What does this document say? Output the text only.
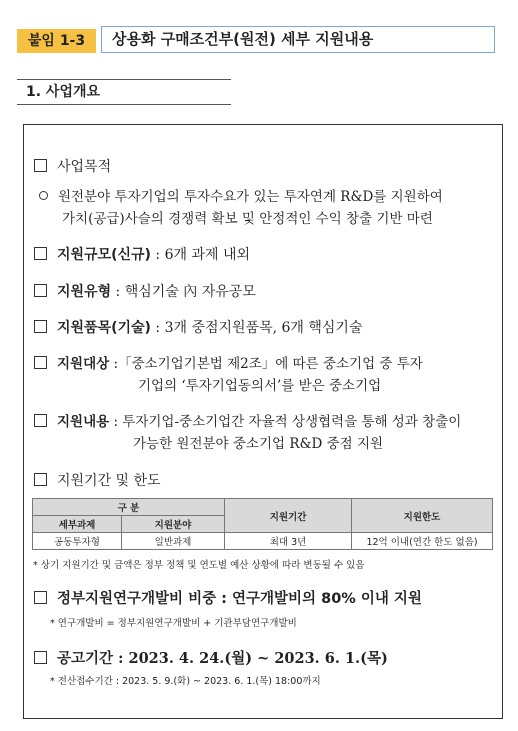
붙임 1-3	상용화 구매조건부(원전) 세부 지원내용
1. 사업개요
사업목적
원전분야 투자기업의 투자수요가 있는 투자연계 R&D를 지원하여
가치(공급)사슬의 경쟁력 확보 및 안정적인 수익 창출 기반 마련
지원규모(신규) : 6개 과제 내외
지원유형 : 핵심기술 內 자유공모
지원품목(기술) : 3개 중점지원품목, 6개 핵심기술
지원대상 :「중소기업기본법 제2조」에 따른 중소기업 중 투자
기업의 ‘투자기업동의서’를 받은 중소기업
지원내용 : 투자기업-중소기업간 자율적 상생협력을 통해 성과 창출이
가능한 원전분야 중소기업 R&D 중점 지원
지원기간 및 한도
구 분		지원기간	지원한도
세부과제	지원분야		
공동투자형	일반과제	최대 3년	12억 이내(연간 한도 없음)
* 상기 지원기간 및 금액은 정부 정책 및 연도별 예산 상황에 따라 변동될 수 있음
정부지원연구개발비 비중 : 연구개발비의 80% 이내 지원
* 연구개발비 = 정부지원연구개발비 + 기관부담연구개발비
공고기간 : 2023. 4. 24.(월) ~ 2023. 6. 1.(목)
* 전산접수기간 : 2023. 5. 9.(화) ~ 2023. 6. 1.(목) 18:00까지
